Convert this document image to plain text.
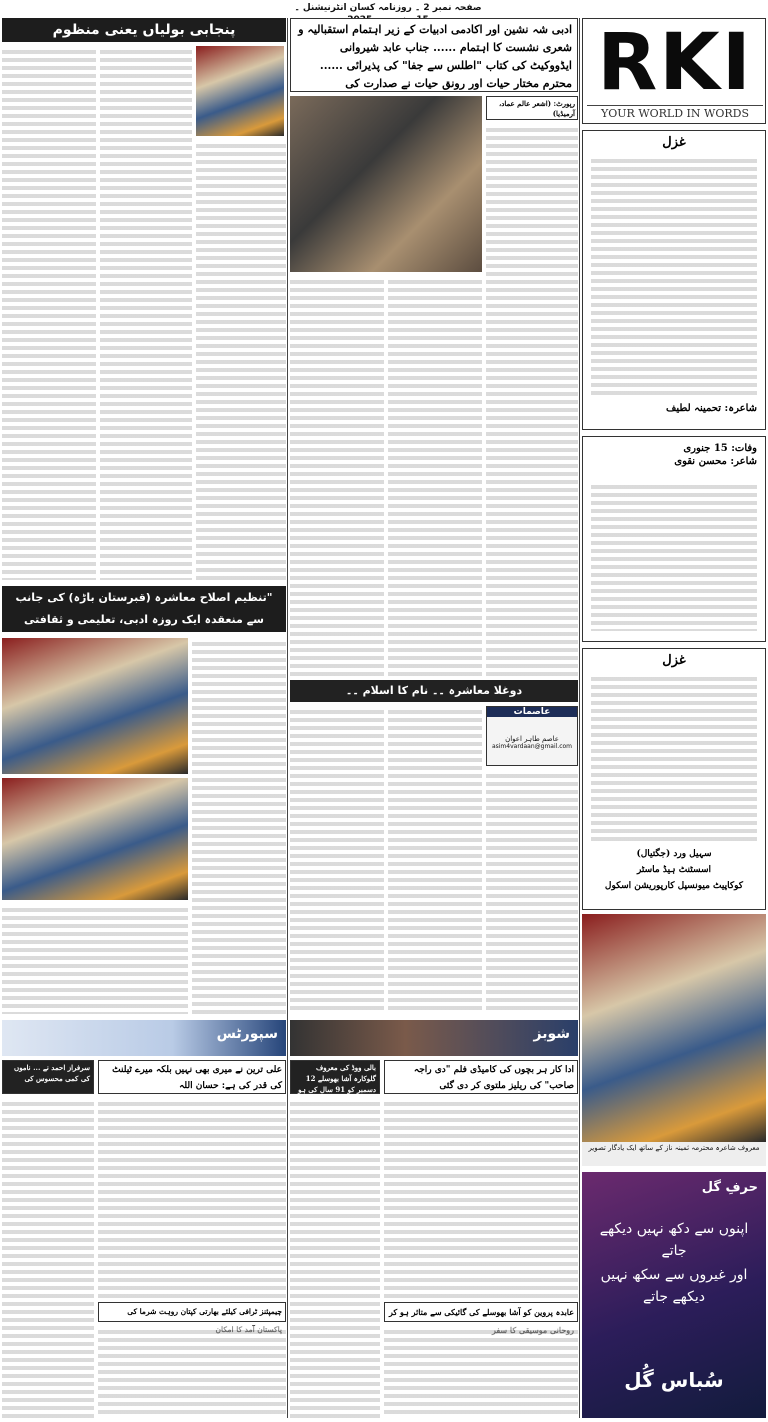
صفحہ نمبر 2 ۔ روزنامہ کسان انٹرنیشنل ۔
RKI
YOUR WORLD IN WORDS
غزل
شاعرہ: تحمینہ لطیف
وفات: 15 جنوری
شاعر: محسن نقوی
غزل
سہیل ورد (جگتیال)
اسسٹنٹ ہیڈ ماسٹر
کوکاپیٹ میونسپل کارپوریشن اسکول
معروف شاعرہ محترمہ ثمینہ ناز کے ساتھ ایک یادگار تصویر
حرفِ گل
اپنوں سے دکھ نہیں دیکھے جاتے
اور غیروں سے سکھ نہیں دیکھے جاتے
سُباس گُل
ادبی شہ نشین اور اکادمی ادبیات کے زیر اہتمام استقبالیہ و شعری نشست کا اہتمام ...... جناب عابد شیروانی ایڈووکیٹ کی کتاب "اطلس سے جفا" کی پذیرائی ...... محترم مختار حیات اور رونق حیات نے صدارت کی
رپورٹ: (اشعر عالم عماد، آرمیڈیا)
دوغلا معاشرہ ۔۔ نام کا اسلام ۔۔
عاصمات
عاصم طاہر اعوان
asim4vardaan@gmail.com
شوبز
ادا کار ہر بچوں کی کامیڈی فلم "دی راجہ صاحب" کی ریلیز ملتوی کر دی گئی
بالی ووڈ کی معروف گلوکارہ آشا بھوسلے 12 دسمبر کو 91 سال کی ہو
عابدہ پروین کو آشا بھوسلے کی گائیکی سے متاثر ہو کر
پنجابی بولیاں یعنی منظوم
"تنظیم اصلاح معاشرہ (قبرستان باڑہ) کی جانب سے منعقدہ ایک روزہ ادبی، تعلیمی و ثقافتی
سپورٹس
علی ترین نے میری بھی نہیں بلکہ میرے ٹیلنٹ کی قدر کی ہے: حسان اللہ
سرفراز احمد نے ... ناموں کی کمی محسوس کی
چیمپئنز ٹرافی کیلئے بھارتی کپتان روہت شرما کی
